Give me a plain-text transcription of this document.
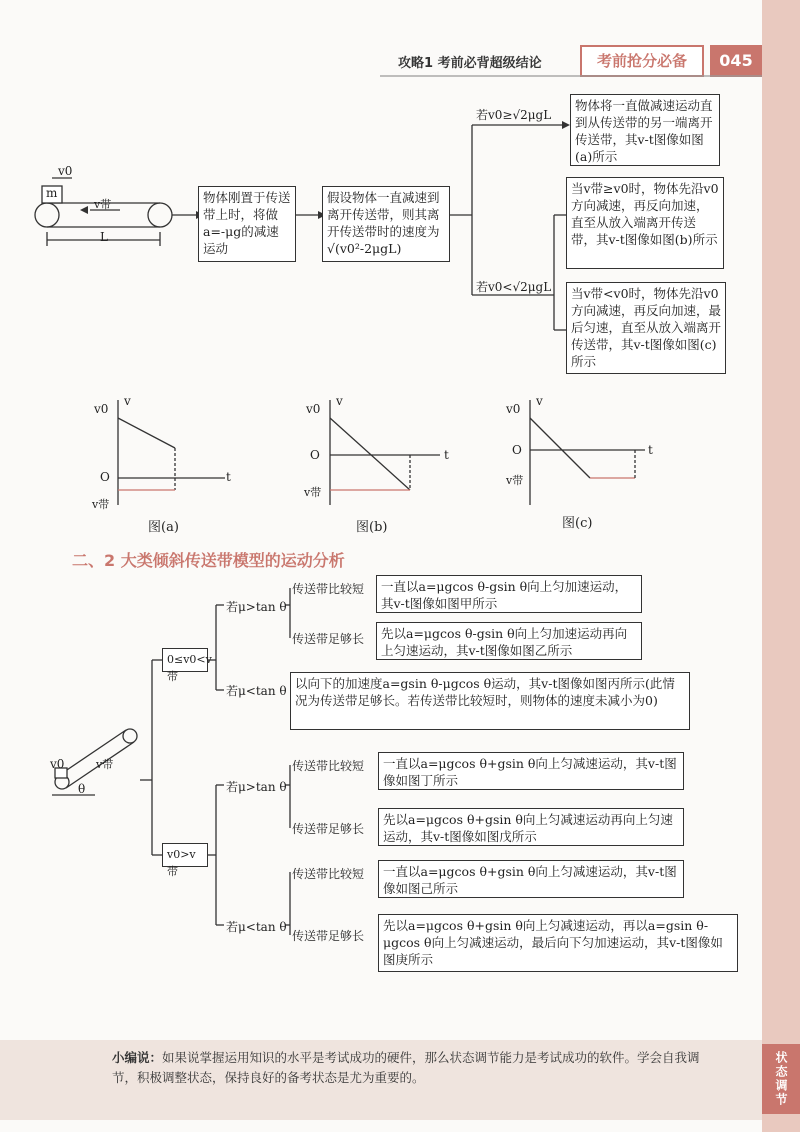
状态调节
攻略1 考前必背超级结论	考前抢分必备	045
v0
m
v带
L
物体刚置于传送带上时，将做a=-μg的减速运动
假设物体一直减速到离开传送带，则其离开传送带时的速度为√(v0²-2μgL)
若v0≥√2μgL
若v0<√2μgL
物体将一直做减速运动直到从传送带的另一端离开传送带，其v-t图像如图(a)所示
当v带≥v0时，物体先沿v0方向减速，再反向加速，直至从放入端离开传送带，其v-t图像如图(b)所示
当v带<v0时，物体先沿v0方向减速，再反向加速，最后匀速，直至从放入端离开传送带，其v-t图像如图(c)所示
v0
v
O	t
v带
图(a)
v0
v
O	t
v带
图(b)
v0
v
O	t
v带
图(c)
二、2 大类倾斜传送带模型的运动分析
v0	v带
θ
0≤v0<v带
v0>v带
若μ>tan θ
若μ<tan θ
传送带比较短
传送带足够长
一直以a=μgcos θ-gsin θ向上匀加速运动，其v-t图像如图甲所示
先以a=μgcos θ-gsin θ向上匀加速运动再向上匀速运动，其v-t图像如图乙所示
以向下的加速度a=gsin θ-μgcos θ运动，其v-t图像如图丙所示(此情况为传送带足够长。若传送带比较短时，则物体的速度未减小为0)
若μ>tan θ
若μ<tan θ
传送带比较短
传送带足够长
一直以a=μgcos θ+gsin θ向上匀减速运动，其v-t图像如图丁所示
先以a=μgcos θ+gsin θ向上匀减速运动再向上匀速运动，其v-t图像如图戊所示
传送带比较短
传送带足够长
一直以a=μgcos θ+gsin θ向上匀减速运动，其v-t图像如图己所示
先以a=μgcos θ+gsin θ向上匀减速运动，再以a=gsin θ-μgcos θ向上匀减速运动，最后向下匀加速运动，其v-t图像如图庚所示
小编说：如果说掌握运用知识的水平是考试成功的硬件，那么状态调节能力是考试成功的软件。学会自我调节，积极调整状态，保持良好的备考状态是尤为重要的。
